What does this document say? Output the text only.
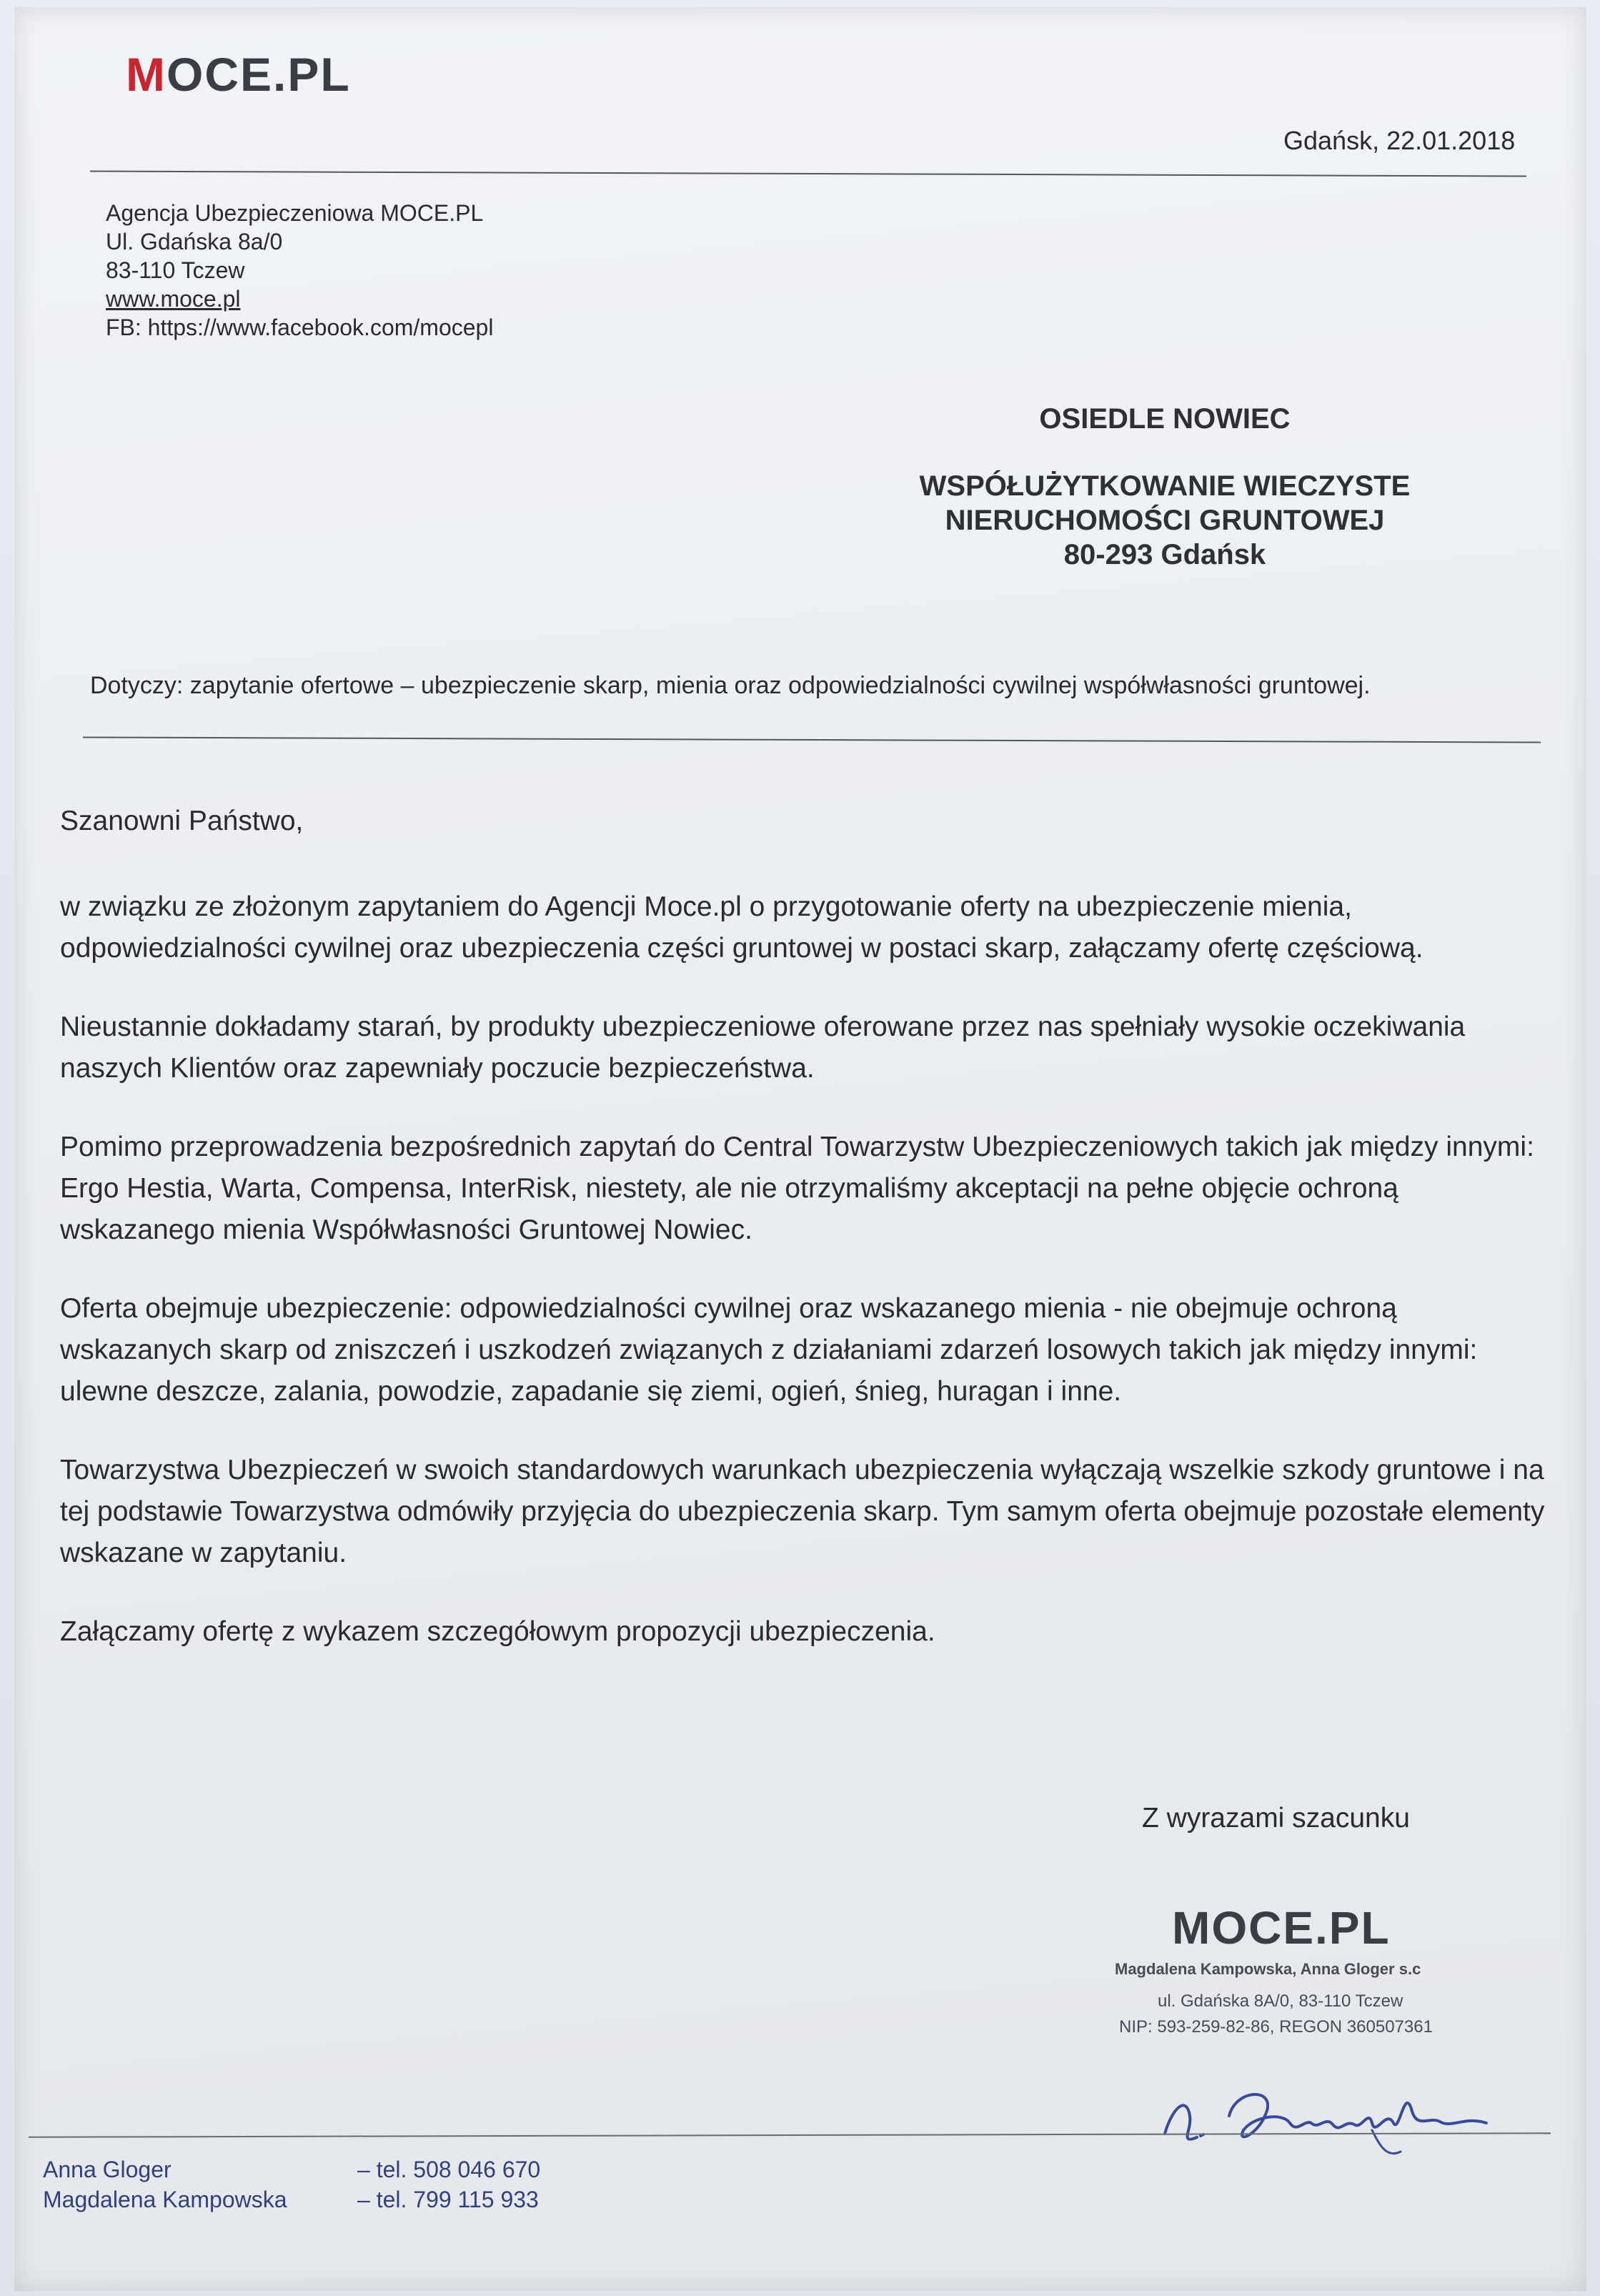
MOCE.PL
Gdańsk, 22.01.2018
Agencja Ubezpieczeniowa MOCE.PL
Ul. Gdańska 8a/0
83-110 Tczew
www.moce.pl
FB: https://www.facebook.com/mocepl
OSIEDLE NOWIEC
WSPÓŁUŻYTKOWANIE WIECZYSTE
NIERUCHOMOŚCI GRUNTOWEJ
80-293 Gdańsk
Dotyczy: zapytanie ofertowe – ubezpieczenie skarp, mienia oraz odpowiedzialności cywilnej współwłasności gruntowej.

Szanowni Państwo,

w związku ze złożonym zapytaniem do Agencji Moce.pl o przygotowanie oferty na ubezpieczenie mienia, odpowiedzialności cywilnej oraz ubezpieczenia części gruntowej w postaci skarp, załączamy ofertę częściową.

Nieustannie dokładamy starań, by produkty ubezpieczeniowe oferowane przez nas spełniały wysokie oczekiwania naszych Klientów oraz zapewniały poczucie bezpieczeństwa.

Pomimo przeprowadzenia bezpośrednich zapytań do Central Towarzystw Ubezpieczeniowych takich jak między innymi: Ergo Hestia, Warta, Compensa, InterRisk, niestety, ale nie otrzymaliśmy akceptacji na pełne objęcie ochroną wskazanego mienia Współwłasności Gruntowej Nowiec.

Oferta obejmuje ubezpieczenie: odpowiedzialności cywilnej oraz wskazanego mienia - nie obejmuje ochroną wskazanych skarp od zniszczeń i uszkodzeń związanych z działaniami zdarzeń losowych takich jak między innymi: ulewne deszcze, zalania, powodzie, zapadanie się ziemi, ogień, śnieg, huragan i inne.

Towarzystwa Ubezpieczeń w swoich standardowych warunkach ubezpieczenia wyłączają wszelkie szkody gruntowe i na tej podstawie Towarzystwa odmówiły przyjęcia do ubezpieczenia skarp. Tym samym oferta obejmuje pozostałe elementy wskazane w zapytaniu.

Załączamy ofertę z wykazem szczegółowym propozycji ubezpieczenia.

Z wyrazami szacunku
MOCE.PL
Magdalena Kampowska, Anna Gloger s.c
ul. Gdańska 8A/0, 83-110 Tczew
NIP: 593-259-82-86, REGON 360507361
Anna Gloger	– tel. 508 046 670
Magdalena Kampowska	– tel. 799 115 933
